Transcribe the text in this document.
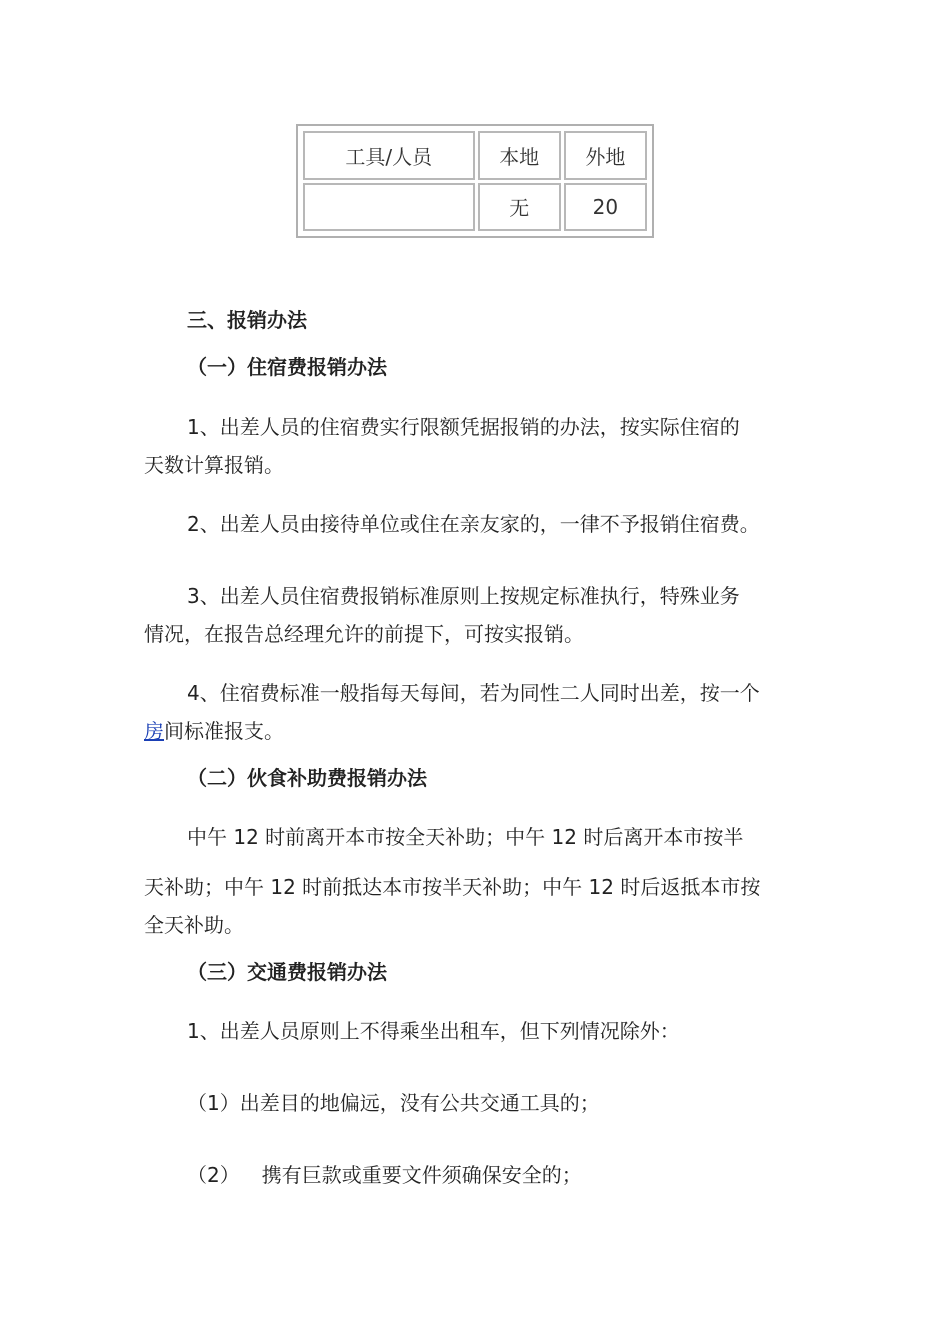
工具/人员	本地	外地
	无	20
三、报销办法
（一）住宿费报销办法
1、出差人员的住宿费实行限额凭据报销的办法，按实际住宿的
天数计算报销。
2、出差人员由接待单位或住在亲友家的，一律不予报销住宿费。
3、出差人员住宿费报销标准原则上按规定标准执行，特殊业务
情况，在报告总经理允许的前提下，可按实报销。
4、住宿费标准一般指每天每间，若为同性二人同时出差，按一个
房间标准报支。
（二）伙食补助费报销办法
中午 12 时前离开本市按全天补助；中午 12 时后离开本市按半
天补助；中午 12 时前抵达本市按半天补助；中午 12 时后返抵本市按
全天补助。
（三）交通费报销办法
1、出差人员原则上不得乘坐出租车，但下列情况除外：
（1）出差目的地偏远，没有公共交通工具的；
（2） 携有巨款或重要文件须确保安全的；
